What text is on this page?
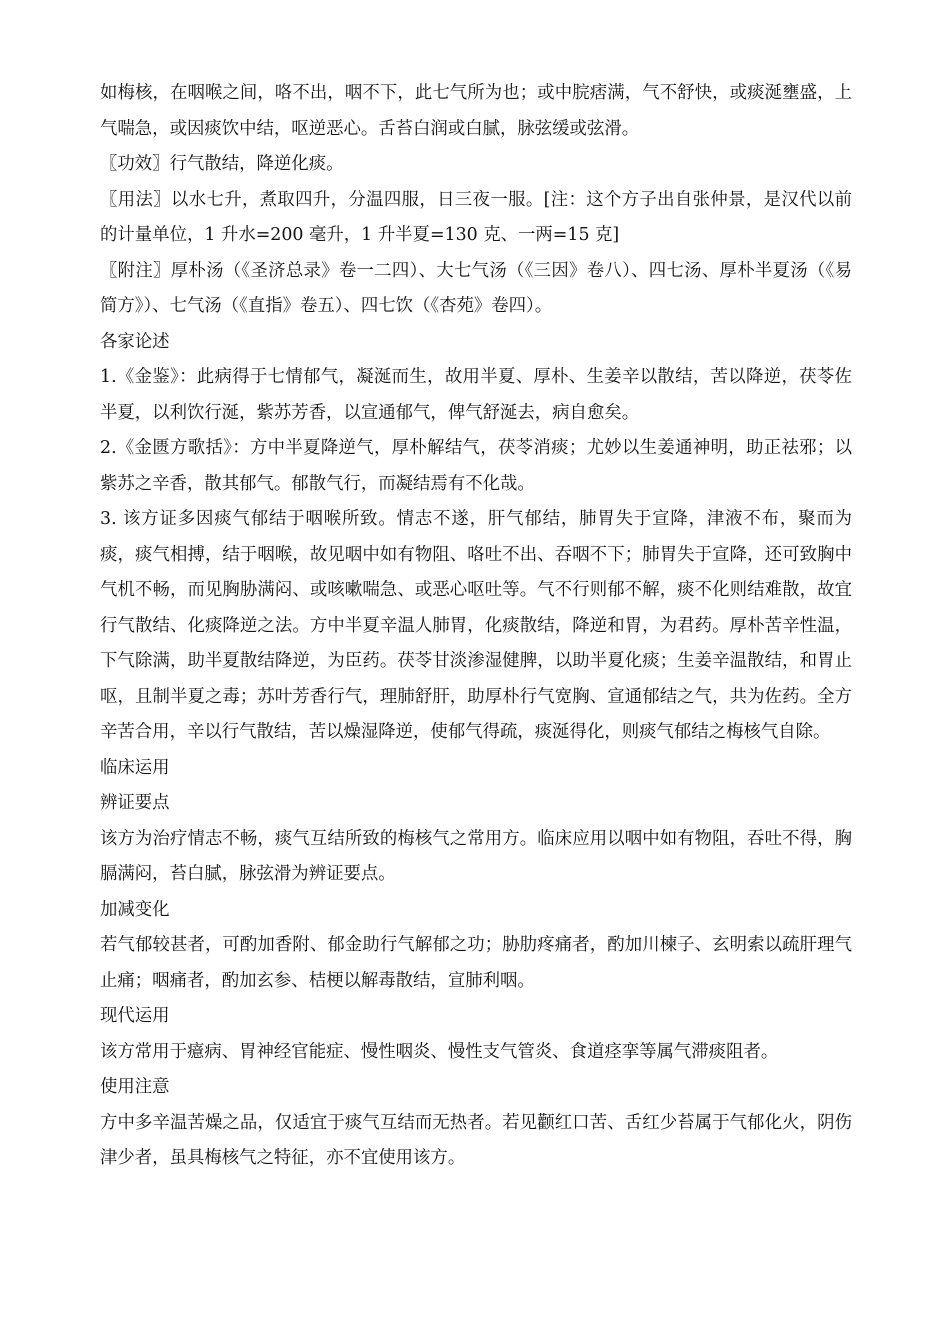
如梅核，在咽喉之间，咯不出，咽不下，此七气所为也；或中脘痞满，气不舒快，或痰涎壅盛，上气喘急，或因痰饮中结，呕逆恶心。舌苔白润或白腻，脉弦缓或弦滑。

〖功效〗行气散结，降逆化痰。

〖用法〗以水七升，煮取四升，分温四服，日三夜一服。[注：这个方子出自张仲景，是汉代以前的计量单位，1 升水=200 毫升，1 升半夏=130 克、一两=15 克]

〖附注〗厚朴汤（《圣济总录》卷一二四）、大七气汤（《三因》卷八）、四七汤、厚朴半夏汤（《易简方》）、七气汤（《直指》卷五）、四七饮（《杏苑》卷四）。

各家论述

1.《金鉴》：此病得于七情郁气，凝涎而生，故用半夏、厚朴、生姜辛以散结，苦以降逆，茯苓佐半夏，以利饮行涎，紫苏芳香，以宣通郁气，俾气舒涎去，病自愈矣。

2.《金匮方歌括》：方中半夏降逆气，厚朴解结气，茯苓消痰；尤妙以生姜通神明，助正祛邪；以紫苏之辛香，散其郁气。郁散气行，而凝结焉有不化哉。

3. 该方证多因痰气郁结于咽喉所致。情志不遂，肝气郁结，肺胃失于宣降，津液不布，聚而为痰，痰气相搏，结于咽喉，故见咽中如有物阻、咯吐不出、吞咽不下；肺胃失于宣降，还可致胸中气机不畅，而见胸胁满闷、或咳嗽喘急、或恶心呕吐等。气不行则郁不解，痰不化则结难散，故宜行气散结、化痰降逆之法。方中半夏辛温人肺胃，化痰散结，降逆和胃，为君药。厚朴苦辛性温，下气除满，助半夏散结降逆，为臣药。茯苓甘淡渗湿健脾，以助半夏化痰；生姜辛温散结，和胃止呕，且制半夏之毒；苏叶芳香行气，理肺舒肝，助厚朴行气宽胸、宣通郁结之气，共为佐药。全方辛苦合用，辛以行气散结，苦以燥湿降逆，使郁气得疏，痰涎得化，则痰气郁结之梅核气自除。

临床运用

辨证要点

该方为治疗情志不畅，痰气互结所致的梅核气之常用方。临床应用以咽中如有物阻，吞吐不得，胸膈满闷，苔白腻，脉弦滑为辨证要点。

加减变化

若气郁较甚者，可酌加香附、郁金助行气解郁之功；胁肋疼痛者，酌加川楝子、玄明索以疏肝理气止痛；咽痛者，酌加玄参、桔梗以解毒散结，宣肺利咽。

现代运用

该方常用于癔病、胃神经官能症、慢性咽炎、慢性支气管炎、食道痉挛等属气滞痰阻者。

使用注意

方中多辛温苦燥之品，仅适宜于痰气互结而无热者。若见颧红口苦、舌红少苔属于气郁化火，阴伤津少者，虽具梅核气之特征，亦不宜使用该方。
